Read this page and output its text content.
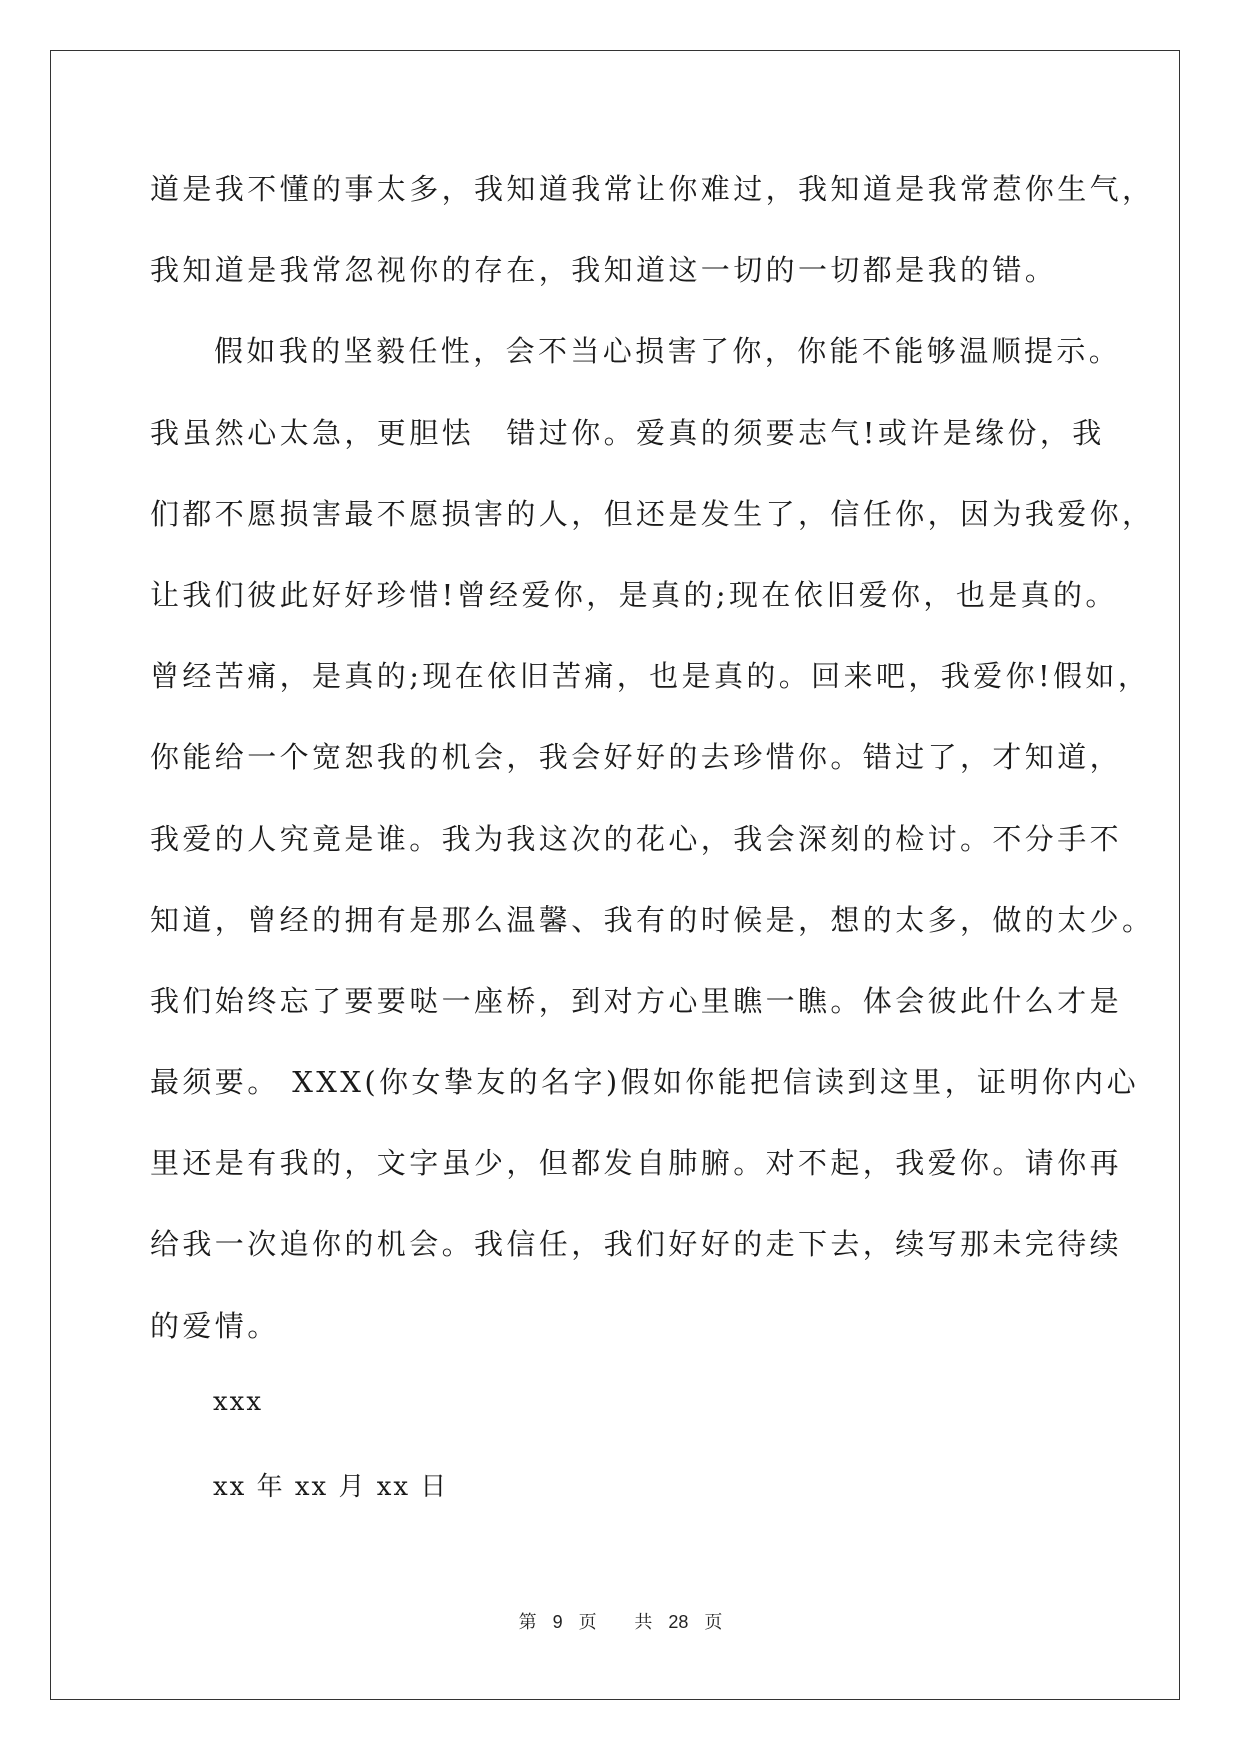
道是我不懂的事太多，我知道我常让你难过，我知道是我常惹你生气，
我知道是我常忽视你的存在，我知道这一切的一切都是我的错。
假如我的坚毅任性，会不当心损害了你，你能不能够温顺提示。
我虽然心太急，更胆怯　错过你。爱真的须要志气!或许是缘份，我
们都不愿损害最不愿损害的人，但还是发生了，信任你，因为我爱你，
让我们彼此好好珍惜!曾经爱你，是真的;现在依旧爱你，也是真的。
曾经苦痛，是真的;现在依旧苦痛，也是真的。回来吧，我爱你!假如，
你能给一个宽恕我的机会，我会好好的去珍惜你。错过了，才知道，
我爱的人究竟是谁。我为我这次的花心，我会深刻的检讨。不分手不
知道，曾经的拥有是那么温馨、我有的时候是，想的太多，做的太少。
我们始终忘了要要哒一座桥，到对方心里瞧一瞧。体会彼此什么才是
最须要。 XXX(你女挚友的名字)假如你能把信读到这里，证明你内心
里还是有我的，文字虽少，但都发自肺腑。对不起，我爱你。请你再
给我一次追你的机会。我信任，我们好好的走下去，续写那未完待续
的爱情。
xxx
xx 年 xx 月 xx 日
第 9 页 共 28 页
